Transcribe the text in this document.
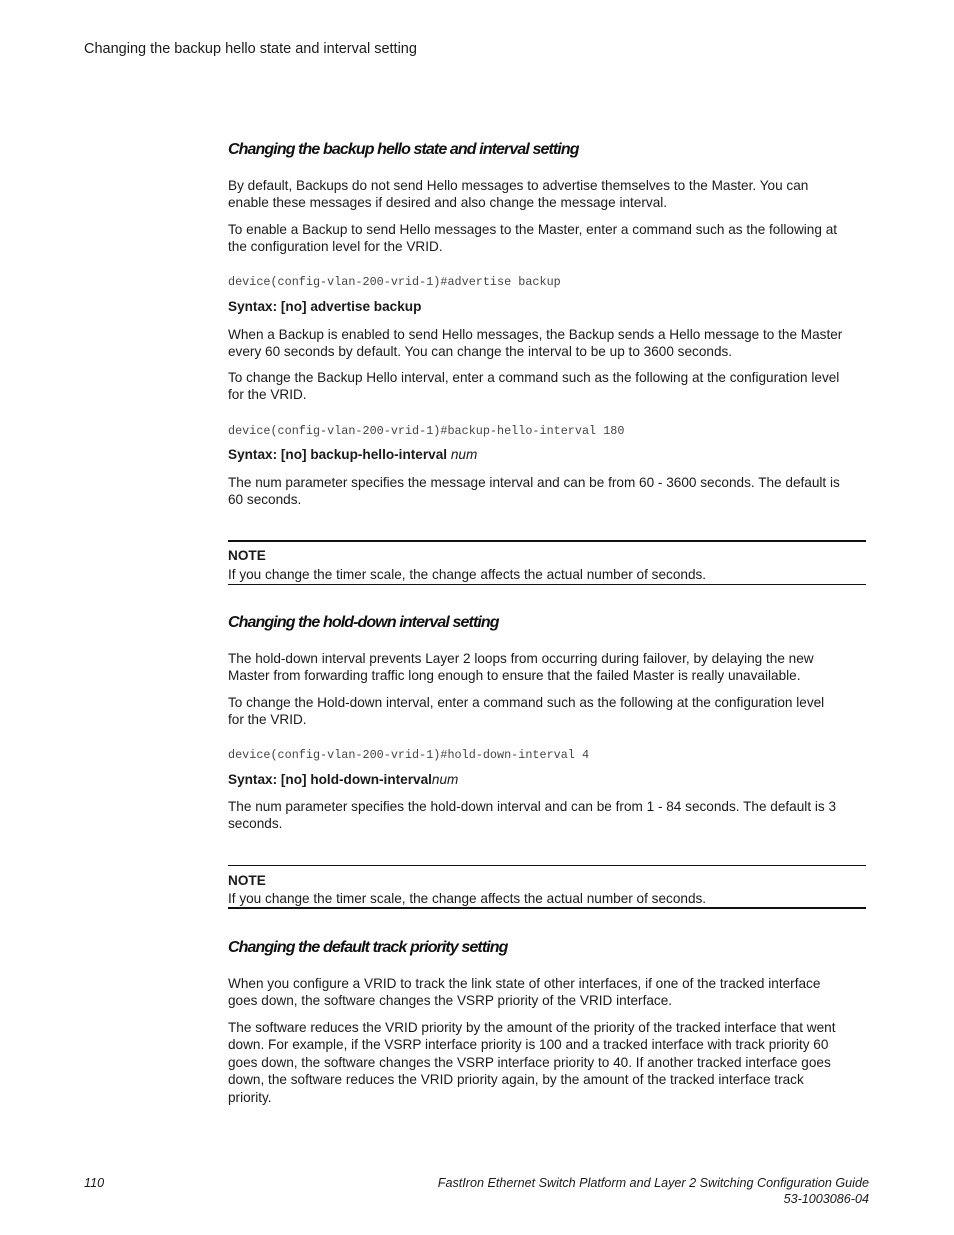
Changing the backup hello state and interval setting
Changing the backup hello state and interval setting
By default, Backups do not send Hello messages to advertise themselves to the Master. You can
enable these messages if desired and also change the message interval.
To enable a Backup to send Hello messages to the Master, enter a command such as the following at
the configuration level for the VRID.
device(config-vlan-200-vrid-1)#advertise backup
Syntax: [no] advertise backup
When a Backup is enabled to send Hello messages, the Backup sends a Hello message to the Master
every 60 seconds by default. You can change the interval to be up to 3600 seconds.
To change the Backup Hello interval, enter a command such as the following at the configuration level
for the VRID.
device(config-vlan-200-vrid-1)#backup-hello-interval 180
Syntax: [no] backup-hello-interval num
The num parameter specifies the message interval and can be from 60 - 3600 seconds. The default is
60 seconds.
NOTE
If you change the timer scale, the change affects the actual number of seconds.
Changing the hold-down interval setting
The hold-down interval prevents Layer 2 loops from occurring during failover, by delaying the new
Master from forwarding traffic long enough to ensure that the failed Master is really unavailable.
To change the Hold-down interval, enter a command such as the following at the configuration level
for the VRID.
device(config-vlan-200-vrid-1)#hold-down-interval 4
Syntax: [no] hold-down-intervalnum
The num parameter specifies the hold-down interval and can be from 1 - 84 seconds. The default is 3
seconds.
NOTE
If you change the timer scale, the change affects the actual number of seconds.
Changing the default track priority setting
When you configure a VRID to track the link state of other interfaces, if one of the tracked interface
goes down, the software changes the VSRP priority of the VRID interface.
The software reduces the VRID priority by the amount of the priority of the tracked interface that went
down. For example, if the VSRP interface priority is 100 and a tracked interface with track priority 60
goes down, the software changes the VSRP interface priority to 40. If another tracked interface goes
down, the software reduces the VRID priority again, by the amount of the tracked interface track
priority.
110	FastIron Ethernet Switch Platform and Layer 2 Switching Configuration Guide
53-1003086-04
